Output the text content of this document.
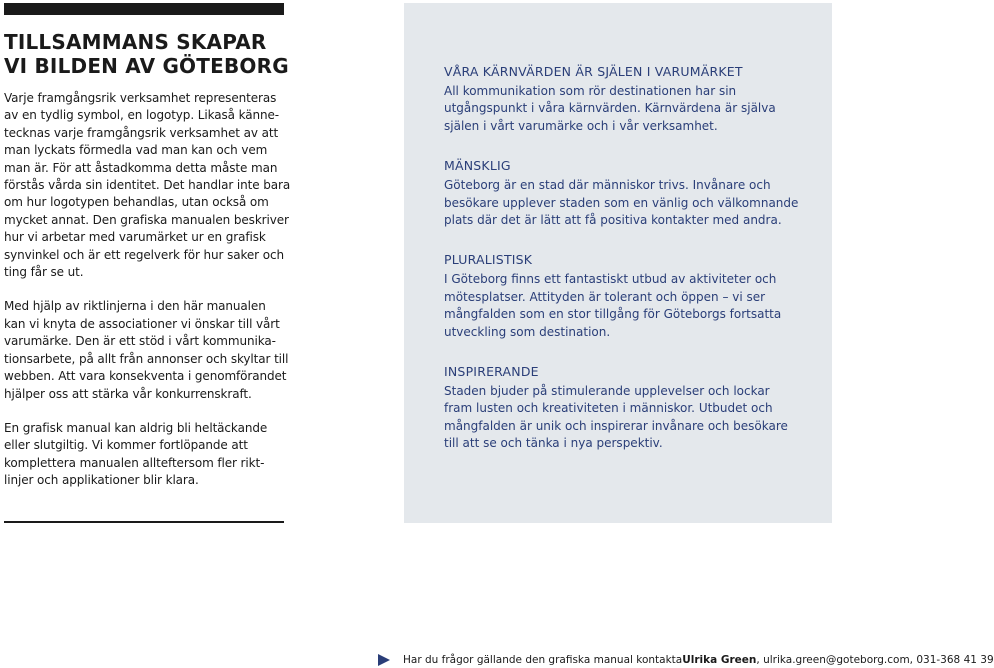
TILLSAMMANS SKAPAR
VI BILDEN AV GÖTEBORG

Varje framgångsrik verksamhet representeras
av en tydlig symbol, en logotyp. Likaså känne-
tecknas varje framgångsrik verksamhet av att
man lyckats förmedla vad man kan och vem
man är. För att åstadkomma detta måste man
förstås vårda sin identitet. Det handlar inte bara
om hur logotypen behandlas, utan också om
mycket annat. Den grafiska manualen beskriver
hur vi arbetar med varumärket ur en grafisk
synvinkel och är ett regelverk för hur saker och
ting får se ut.

Med hjälp av riktlinjerna i den här manualen
kan vi knyta de associationer vi önskar till vårt
varumärke. Den är ett stöd i vårt kommunika-
tionsarbete, på allt från annonser och skyltar till
webben. Att vara konsekventa i genomförandet
hjälper oss att stärka vår konkurrenskraft.

En grafisk manual kan aldrig bli heltäckande
eller slutgiltig. Vi kommer fortlöpande att
komplettera manualen allteftersom fler rikt-
linjer och applikationer blir klara.

VÅRA KÄRNVÄRDEN ÄR SJÄLEN I VARUMÄRKET

All kommunikation som rör destinationen har sin
utgångspunkt i våra kärnvärden. Kärnvärdena är själva
själen i vårt varumärke och i vår verksamhet.

MÄNSKLIG

Göteborg är en stad där människor trivs. Invånare och
besökare upplever staden som en vänlig och välkomnande
plats där det är lätt att få positiva kontakter med andra.

PLURALISTISK

I Göteborg finns ett fantastiskt utbud av aktiviteter och
mötesplatser. Attityden är tolerant och öppen – vi ser
mångfalden som en stor tillgång för Göteborgs fortsatta
utveckling som destination.

INSPIRERANDE

Staden bjuder på stimulerande upplevelser och lockar
fram lusten och kreativiteten i människor. Utbudet och
mångfalden är unik och inspirerar invånare och besökare
till att se och tänka i nya perspektiv.

Har du frågor gällande den grafiska manual kontakta Ulrika Green , ulrika.green@goteborg.com, 031-368 41 39
